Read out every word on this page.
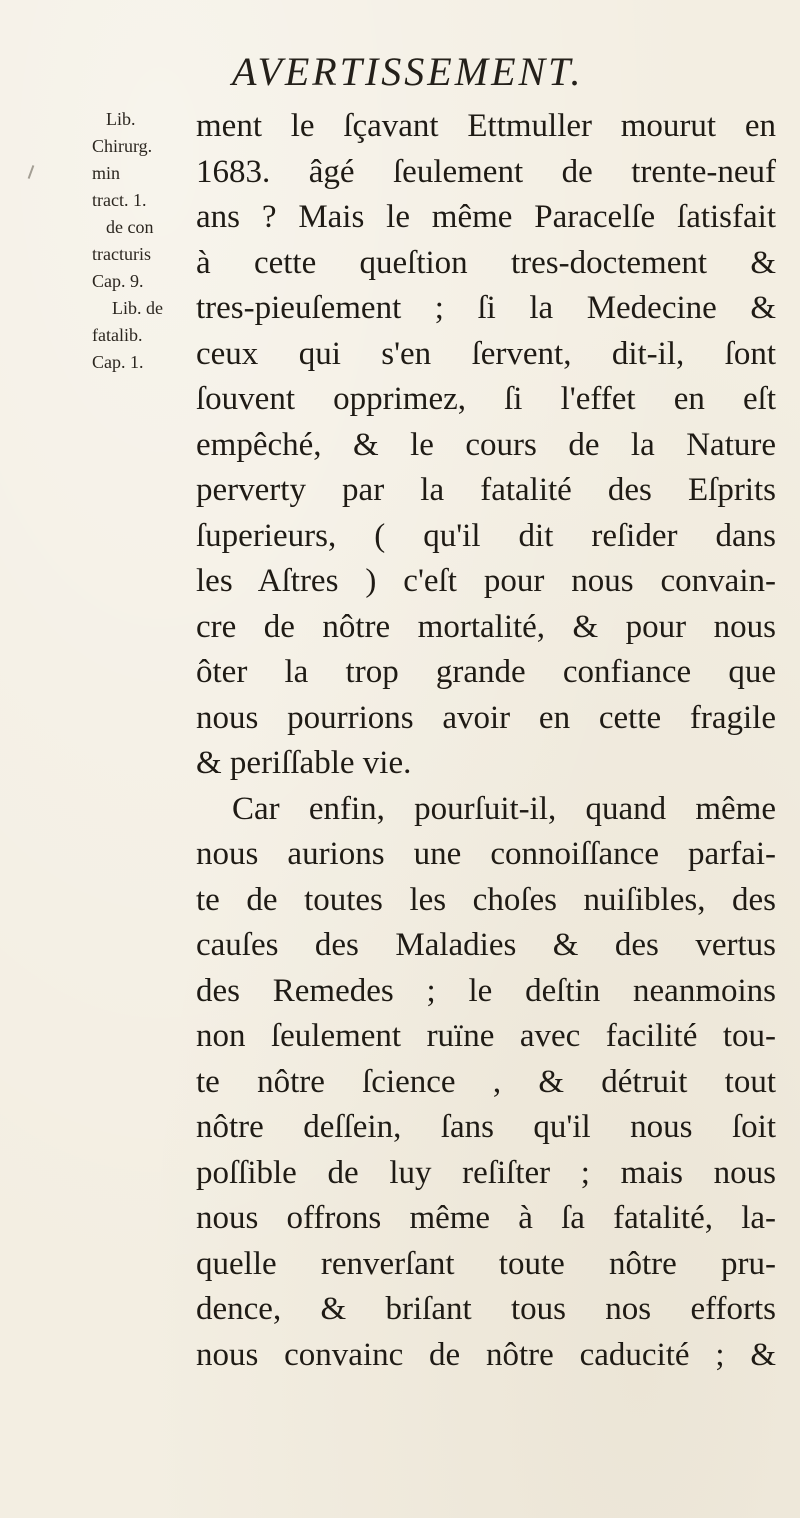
AVERTISSEMENT.
Lib.
Chirurg.
min
tract. 1.
de con
tracturis
Cap. 9.
Lib. de
fatalib.
Cap. 1.
ment le ſçavant Ettmuller mourut en
1683. âgé ſeulement de trente-neuf
ans ? Mais le même Paracelſe ſatisfait
à cette queſtion tres-doctement &
tres-pieuſement ; ſi la Medecine &
ceux qui s'en ſervent, dit-il, ſont
ſouvent opprimez, ſi l'effet en eſt
empêché, & le cours de la Nature
perverty par la fatalité des Eſprits
ſuperieurs, ( qu'il dit reſider dans
les Aſtres ) c'eſt pour nous convain-
cre de nôtre mortalité, & pour nous
ôter la trop grande confiance que
nous pourrions avoir en cette fragile
& periſſable vie.
Car enfin, pourſuit-il, quand même
nous aurions une connoiſſance parfai-
te de toutes les choſes nuiſibles, des
cauſes des Maladies & des vertus
des Remedes ; le deſtin neanmoins
non ſeulement ruïne avec facilité tou-
te nôtre ſcience , & détruit tout
nôtre deſſein, ſans qu'il nous ſoit
poſſible de luy reſiſter ; mais nous
nous offrons même à ſa fatalité, la-
quelle renverſant toute nôtre pru-
dence, & briſant tous nos efforts
nous convainc de nôtre caducité ; &
